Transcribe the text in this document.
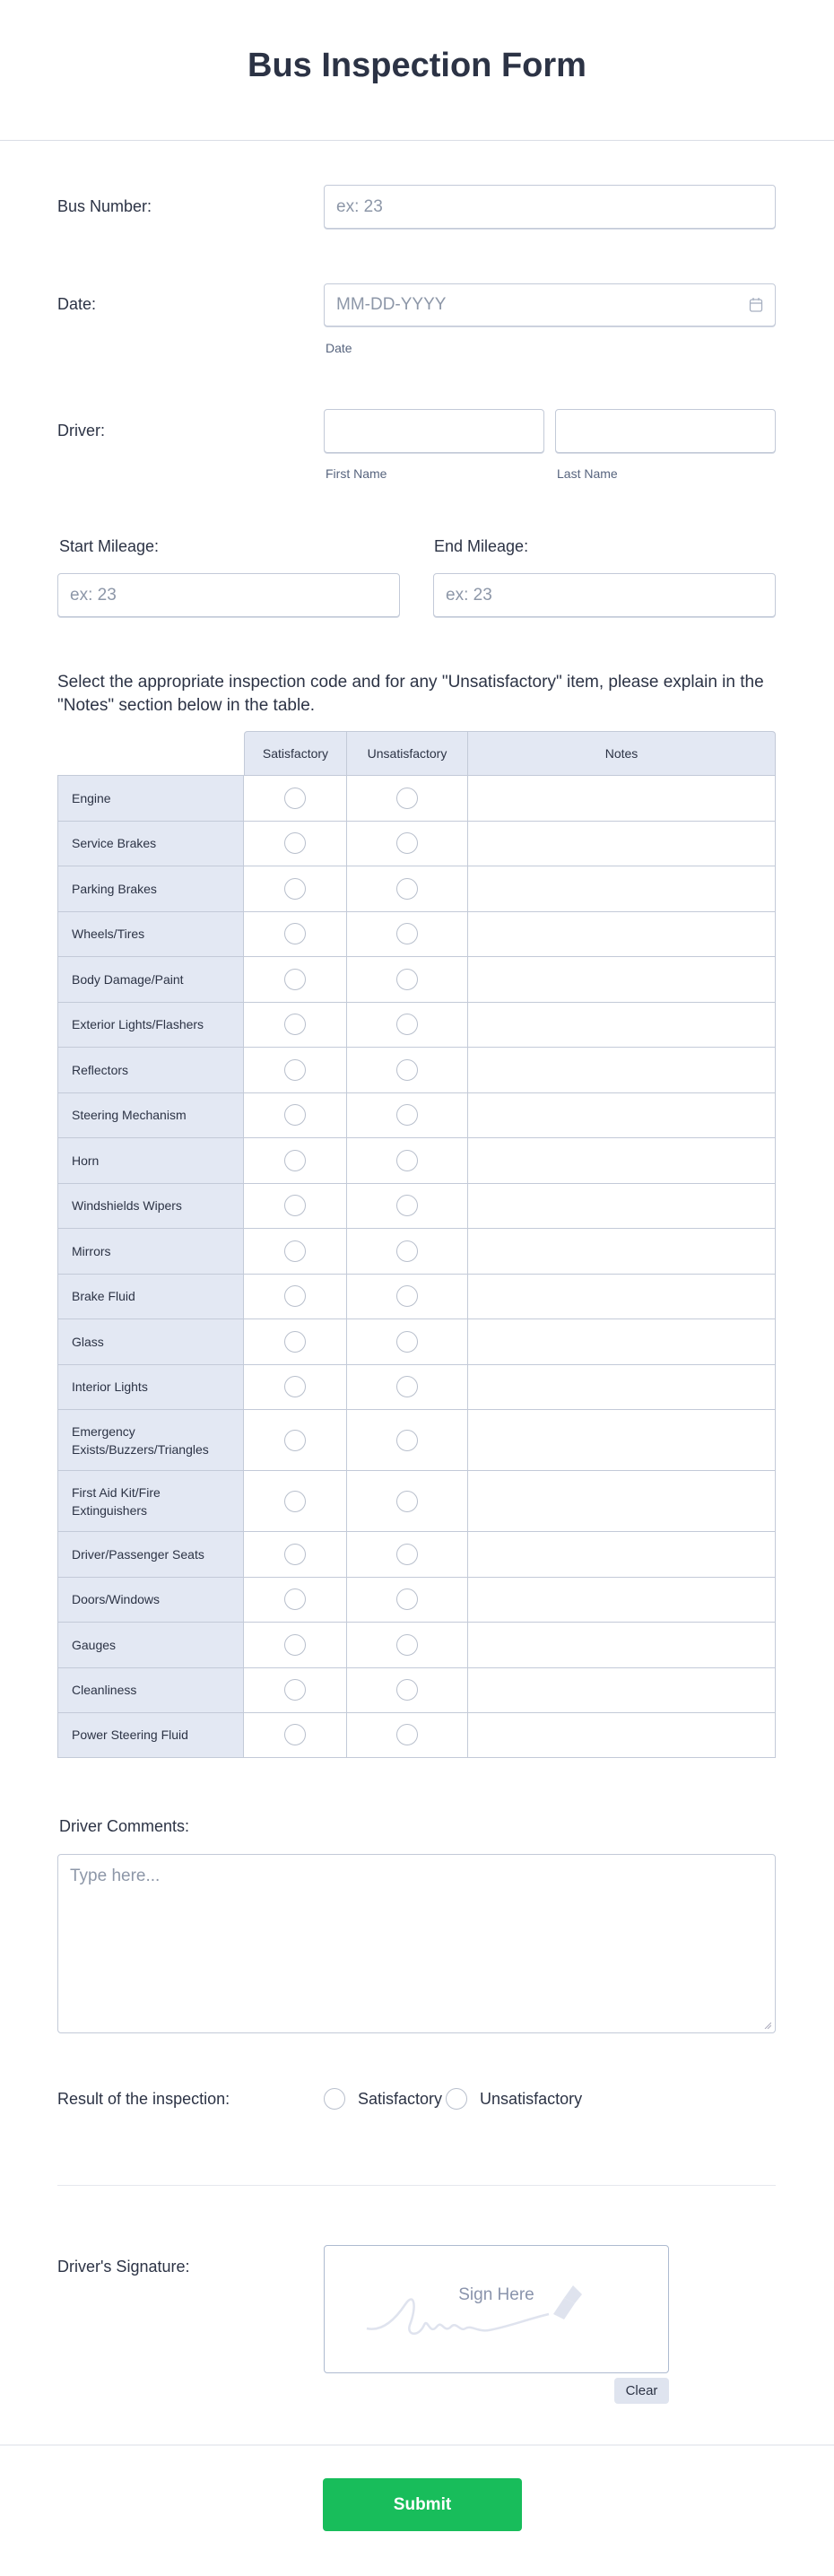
Bus Inspection Form
Bus Number:	ex: 23
Date:	MM-DD-YYYY
Date
Driver:
First Name	Last Name
Start Mileage:	End Mileage:
ex: 23	ex: 23
Select the appropriate inspection code and for any "Unsatisfactory" item, please explain in the "Notes" section below in the table.
	Satisfactory	Unsatisfactory	Notes
Engine			
Service Brakes			
Parking Brakes			
Wheels/Tires			
Body Damage/Paint			
Exterior Lights/Flashers			
Reflectors			
Steering Mechanism			
Horn			
Windshields Wipers			
Mirrors			
Brake Fluid			
Glass			
Interior Lights			
Emergency Exists/Buzzers/Triangles			
First Aid Kit/Fire Extinguishers			
Driver/Passenger Seats			
Doors/Windows			
Gauges			
Cleanliness			
Power Steering Fluid			
Driver Comments:
Type here...
Result of the inspection:	Satisfactory Unsatisfactory
Driver's Signature:
Sign Here
Clear
Submit
